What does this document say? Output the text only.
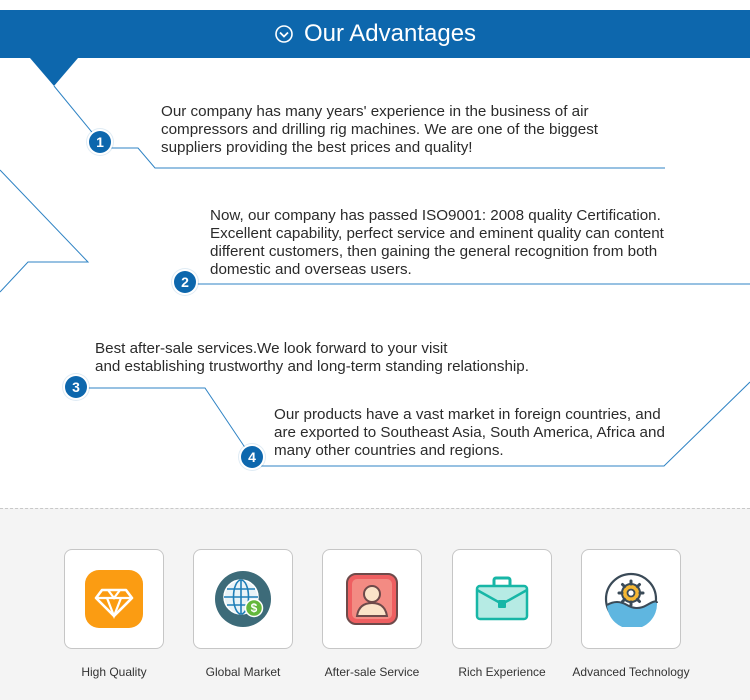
Our Advantages

Our company has many years' experience in the business of air
compressors and drilling rig machines. We are one of the biggest
suppliers providing the best prices and quality!

1

Now, our company has passed ISO9001: 2008 quality Certification.
Excellent capability, perfect service and eminent quality can content
different customers, then gaining the general recognition from both
domestic and overseas users.

2

Best after-sale services.We look forward to your visit
and establishing trustworthy and long-term standing relationship.

3

Our products have a vast market in foreign countries, and
are exported to Southeast Asia, South America, Africa and
many other countries and regions.

4
High Quality
$
Global Market	After-sale Service	Rich Experience	Advanced Technology
